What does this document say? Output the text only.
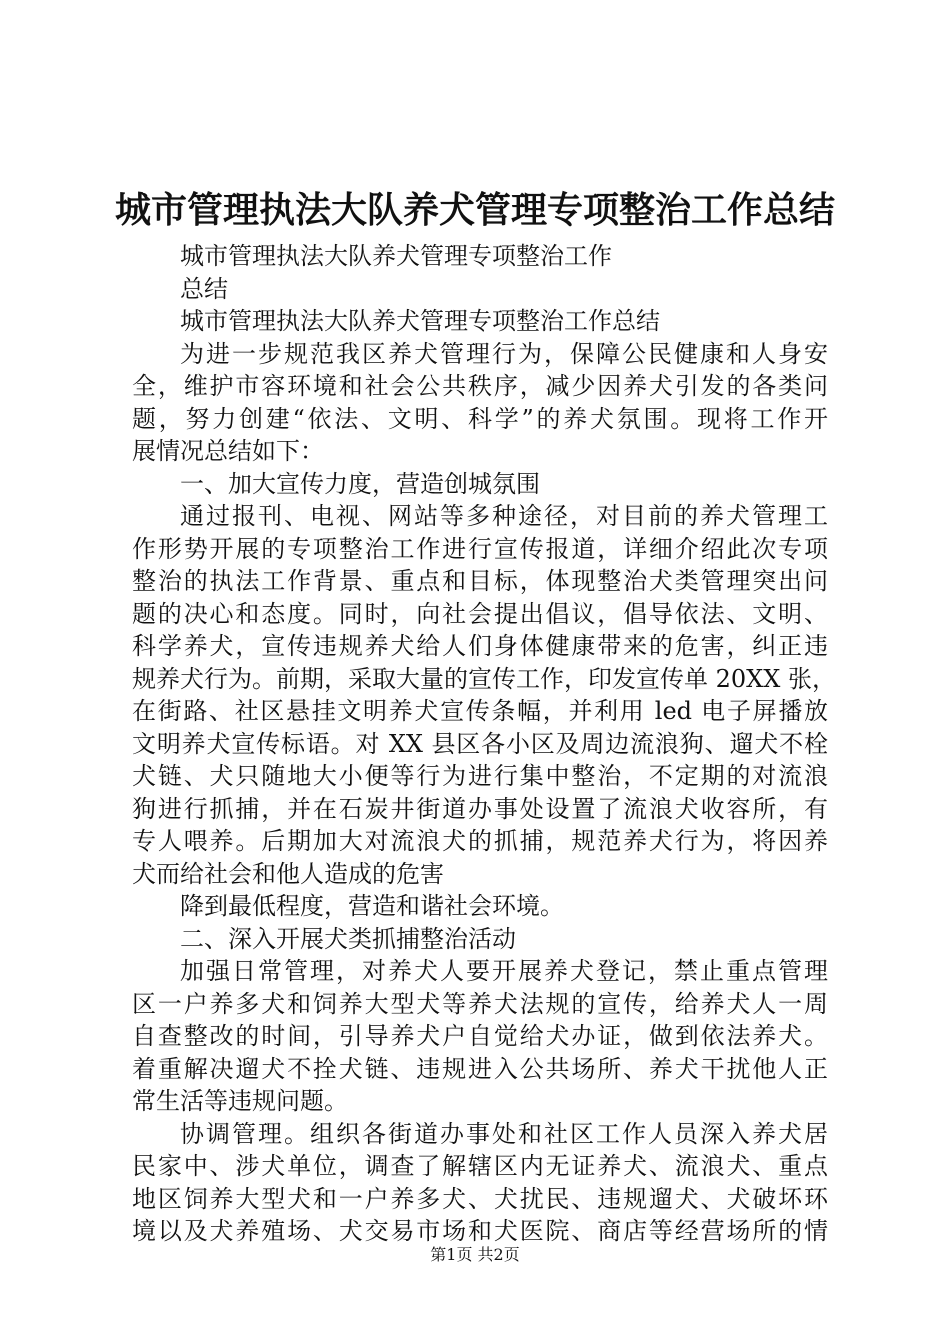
城市管理执法大队养犬管理专项整治工作总结
城市管理执法大队养犬管理专项整治工作
总结
城市管理执法大队养犬管理专项整治工作总结
为进一步规范我区养犬管理行为，保障公民健康和人身安
全，维护市容环境和社会公共秩序，减少因养犬引发的各类问
题，努力创建“依法、文明、科学”的养犬氛围。现将工作开
展情况总结如下：
一、加大宣传力度，营造创城氛围
通过报刊、电视、网站等多种途径，对目前的养犬管理工
作形势开展的专项整治工作进行宣传报道，详细介绍此次专项
整治的执法工作背景、重点和目标，体现整治犬类管理突出问
题的决心和态度。同时，向社会提出倡议，倡导依法、文明、
科学养犬，宣传违规养犬给人们身体健康带来的危害，纠正违
规养犬行为。前期，采取大量的宣传工作，印发宣传单 20XX 张，
在街路、社区悬挂文明养犬宣传条幅，并利用 led 电子屏播放
文明养犬宣传标语。对 XX 县区各小区及周边流浪狗、遛犬不栓
犬链、犬只随地大小便等行为进行集中整治，不定期的对流浪
狗进行抓捕，并在石炭井街道办事处设置了流浪犬收容所，有
专人喂养。后期加大对流浪犬的抓捕，规范养犬行为，将因养
犬而给社会和他人造成的危害
降到最低程度，营造和谐社会环境。
二、深入开展犬类抓捕整治活动
加强日常管理，对养犬人要开展养犬登记，禁止重点管理
区一户养多犬和饲养大型犬等养犬法规的宣传，给养犬人一周
自查整改的时间，引导养犬户自觉给犬办证，做到依法养犬。
着重解决遛犬不拴犬链、违规进入公共场所、养犬干扰他人正
常生活等违规问题。
协调管理。组织各街道办事处和社区工作人员深入养犬居
民家中、涉犬单位，调查了解辖区内无证养犬、流浪犬、重点
地区饲养大型犬和一户养多犬、犬扰民、违规遛犬、犬破坏环
境以及犬养殖场、犬交易市场和犬医院、商店等经营场所的情
第1页 共2页
